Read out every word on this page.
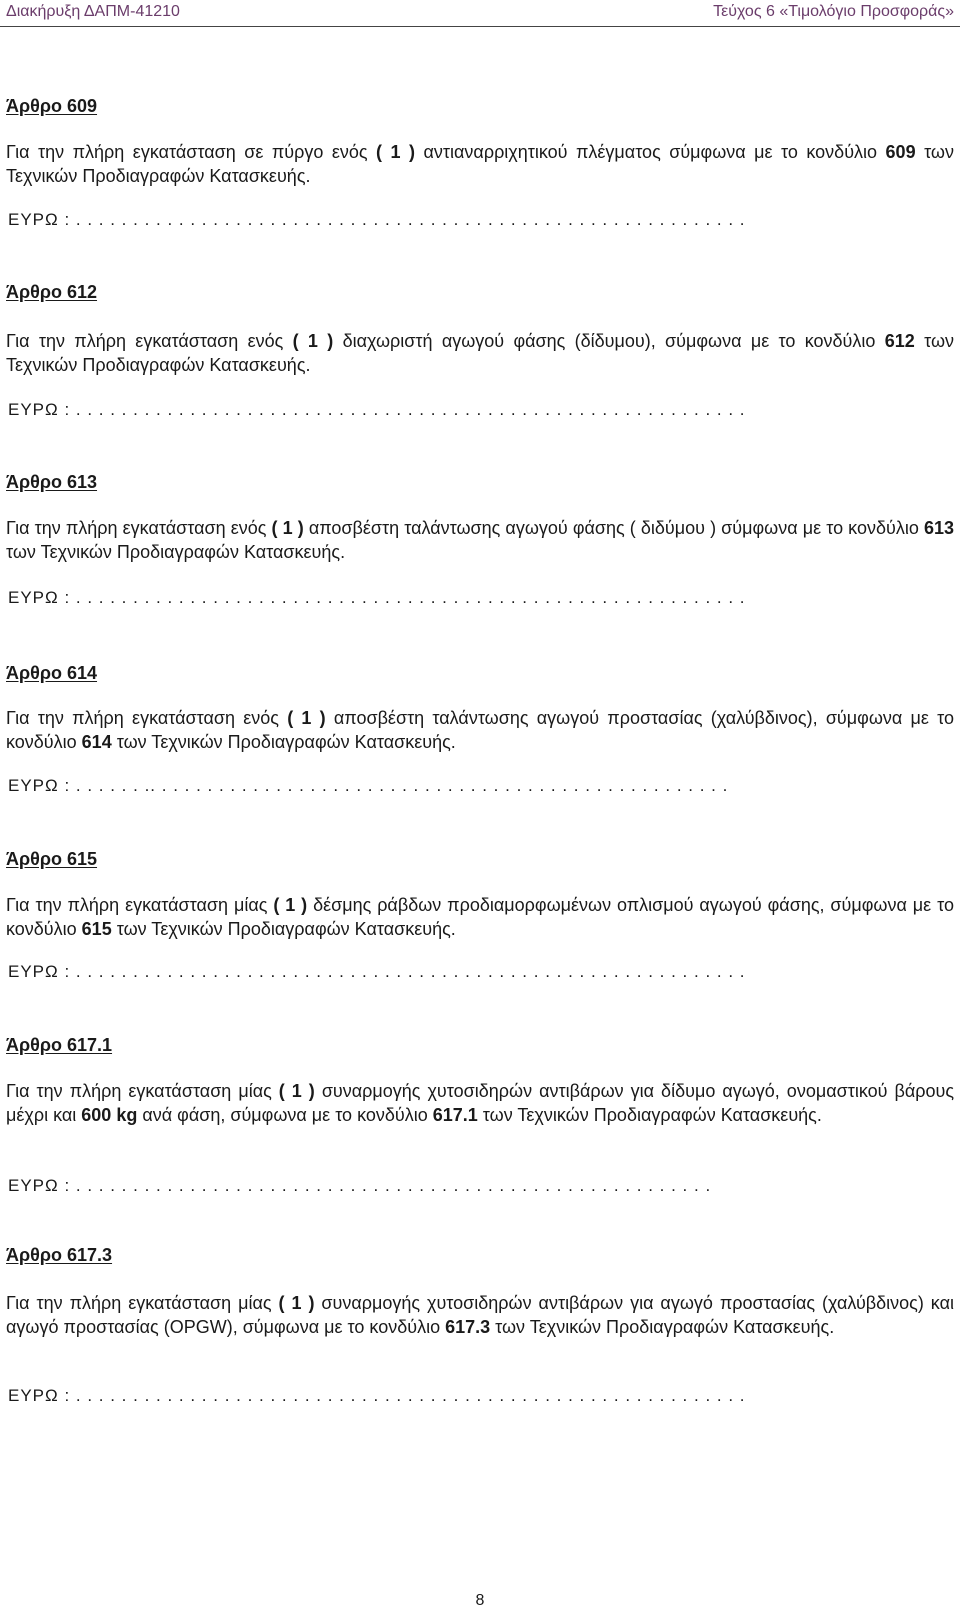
Διακήρυξη ΔΑΠΜ-41210	Τεύχος 6 «Τιμολόγιο Προσφοράς»
Άρθρο 609
Για την πλήρη εγκατάσταση σε πύργο ενός ( 1 ) αντιαναρριχητικού πλέγματος σύμφωνα με το κονδύλιο 609 των Τεχνικών Προδιαγραφών Κατασκευής.
ΕΥΡΩ : . . . . . . . . . . . . . . . . . . . . . . . . . . . . . . . . . . . . . . . . . . . . . . . . . . . . . . . . . . .
Άρθρο 612
Για την πλήρη εγκατάσταση ενός ( 1 ) διαχωριστή αγωγού φάσης (δίδυμου), σύμφωνα με το κονδύλιο 612 των Τεχνικών Προδιαγραφών Κατασκευής.
ΕΥΡΩ : . . . . . . . . . . . . . . . . . . . . . . . . . . . . . . . . . . . . . . . . . . . . . . . . . . . . . . . . . . .
Άρθρο 613
Για την πλήρη εγκατάσταση ενός ( 1 ) αποσβέστη ταλάντωσης αγωγού φάσης ( διδύμου ) σύμφωνα με το κονδύλιο 613 των Τεχνικών Προδιαγραφών Κατασκευής.
ΕΥΡΩ : . . . . . . . . . . . . . . . . . . . . . . . . . . . . . . . . . . . . . . . . . . . . . . . . . . . . . . . . . . .
Άρθρο 614
Για την πλήρη εγκατάσταση ενός ( 1 ) αποσβέστη ταλάντωσης αγωγού προστασίας (χαλύβδινος), σύμφωνα με το κονδύλιο 614 των Τεχνικών Προδιαγραφών Κατασκευής.
ΕΥΡΩ : . . . . . . .. . . . . . . . . . . . . . . . . . . . . . . . . . . . . . . . . . . . . . . . . . . . . . . . . . .
Άρθρο 615
Για την πλήρη εγκατάσταση μίας ( 1 ) δέσμης ράβδων προδιαμορφωμένων οπλισμού αγωγού φάσης, σύμφωνα με το κονδύλιο 615 των Τεχνικών Προδιαγραφών Κατασκευής.
ΕΥΡΩ : . . . . . . . . . . . . . . . . . . . . . . . . . . . . . . . . . . . . . . . . . . . . . . . . . . . . . . . . . . .
Άρθρο 617.1
Για την πλήρη εγκατάσταση μίας ( 1 ) συναρμογής χυτοσιδηρών αντιβάρων για δίδυμο αγωγό, ονομαστικού βάρους μέχρι και 600 kg ανά φάση, σύμφωνα με το κονδύλιο 617.1 των Τεχνικών Προδιαγραφών Κατασκευής.
ΕΥΡΩ : . . . . . . . . . . . . . . . . . . . . . . . . . . . . . . . . . . . . . . . . . . . . . . . . . . . . . . . .
Άρθρο 617.3
Για την πλήρη εγκατάσταση μίας ( 1 ) συναρμογής χυτοσιδηρών αντιβάρων για αγωγό προστασίας (χαλύβδινος) και αγωγό προστασίας (OPGW), σύμφωνα με το κονδύλιο 617.3 των Τεχνικών Προδιαγραφών Κατασκευής.
ΕΥΡΩ : . . . . . . . . . . . . . . . . . . . . . . . . . . . . . . . . . . . . . . . . . . . . . . . . . . . . . . . . . . .
8
